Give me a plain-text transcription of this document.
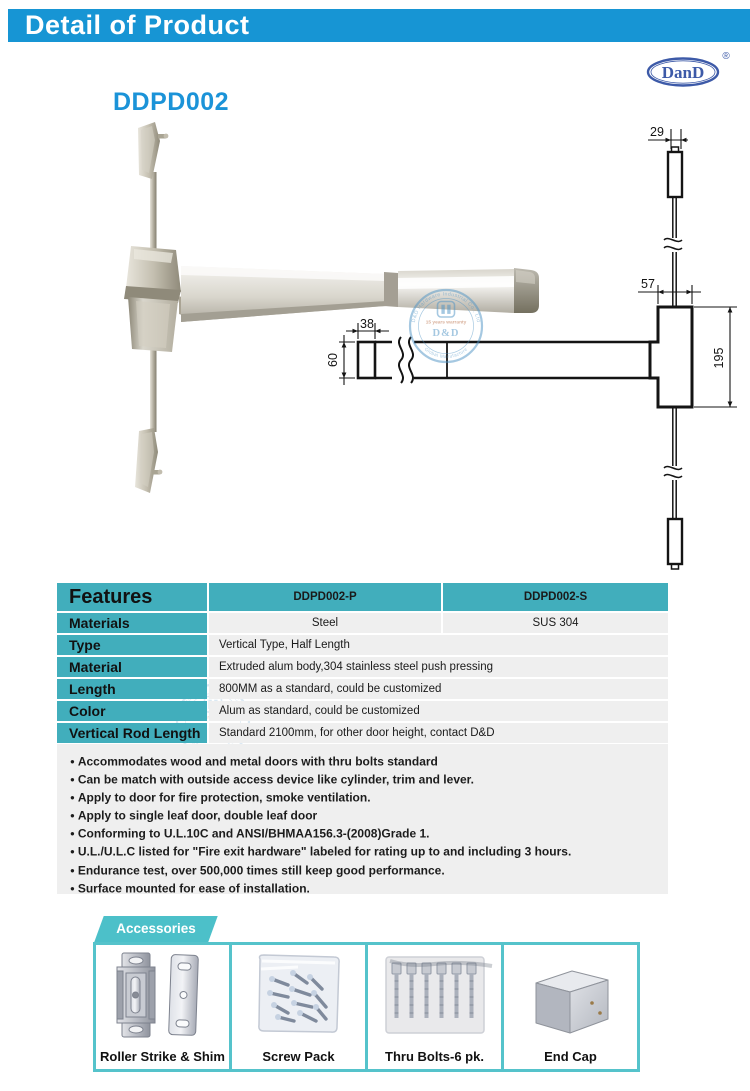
Detail of Product
DanD
®
DDPD002
38
60
29
57
195
Features	DDPD002-P	DDPD002-S
Materials	Steel	SUS 304
Type	Vertical Type, Half Length
Material	Extruded alum body,304 stainless steel push pressing
Length	800MM as a standard, could be customized
Color	Alum as standard, could be customized
Vertical Rod Length	Standard 2100mm, for other door height, contact D&D
● Accommodates wood and metal doors with thru bolts standard
● Can be match with outside access device like cylinder, trim and lever.
● Apply to door for fire protection, smoke ventilation.
● Apply to single leaf door, double leaf door
● Conforming to U.L.10C and ANSI/BHMAA156.3-(2008)Grade 1.
● U.L./U.L.C listed for "Fire exit hardware" labeled for rating up to and including 3 hours.
● Endurance test, over 500,000 times still keep good performance.
● Surface mounted for ease of installation.
Accessories
Roller Strike & Shim	Screw Pack	Thru Bolts-6 pk.	End Cap
